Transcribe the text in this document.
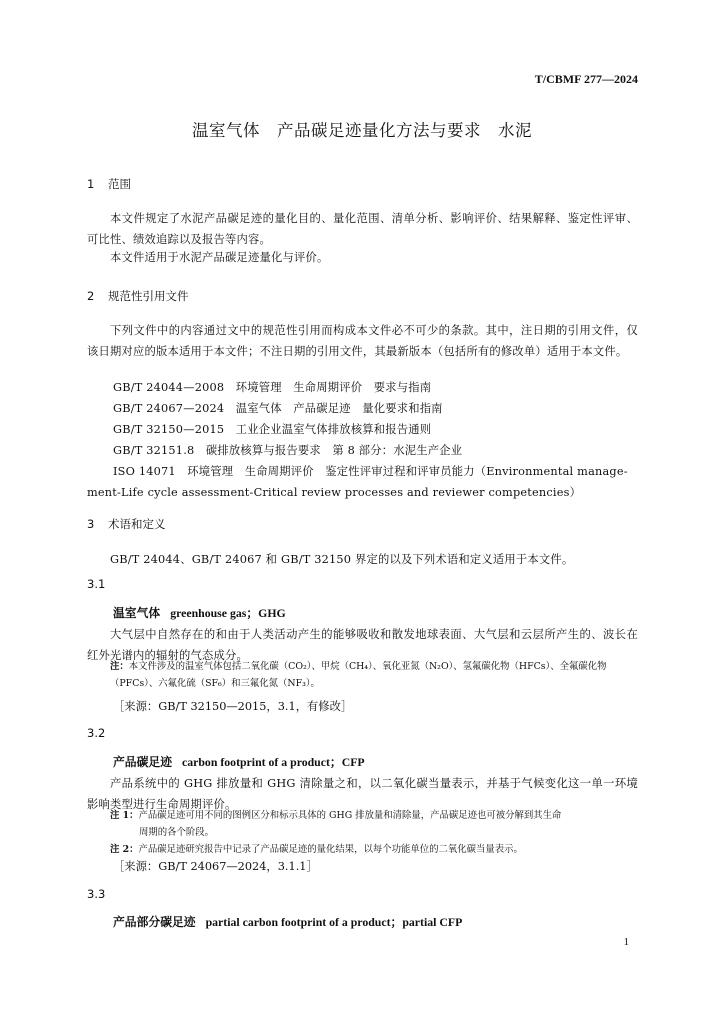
T/CBMF 277—2024
温室气体　产品碳足迹量化方法与要求　水泥
1 范围
本文件规定了水泥产品碳足迹的量化目的、量化范围、清单分析、影响评价、结果解释、鉴定性评审、可比性、绩效追踪以及报告等内容。
本文件适用于水泥产品碳足迹量化与评价。
2 规范性引用文件
下列文件中的内容通过文中的规范性引用而构成本文件必不可少的条款。其中，注日期的引用文件，仅该日期对应的版本适用于本文件；不注日期的引用文件，其最新版本（包括所有的修改单）适用于本文件。
GB/T 24044—2008　环境管理　生命周期评价　要求与指南
GB/T 24067—2024　温室气体　产品碳足迹　量化要求和指南
GB/T 32150—2015　工业企业温室气体排放核算和报告通则
GB/T 32151.8　碳排放核算与报告要求　第 8 部分：水泥生产企业
ISO 14071　环境管理　生命周期评价　鉴定性评审过程和评审员能力（Environmental manage-
ment-Life cycle assessment-Critical review processes and reviewer competencies）
3 术语和定义
GB/T 24044、GB/T 24067 和 GB/T 32150 界定的以及下列术语和定义适用于本文件。
3.1
温室气体 greenhouse gas；GHG
大气层中自然存在的和由于人类活动产生的能够吸收和散发地球表面、大气层和云层所产生的、波长在红外光谱内的辐射的气态成分。
注：本文件涉及的温室气体包括二氧化碳（CO₂）、甲烷（CH₄）、氧化亚氮（N₂O）、氢氟碳化物（HFCs）、全氟碳化物（PFCs）、六氟化硫（SF₆）和三氟化氮（NF₃）。
［来源：GB/T 32150—2015，3.1，有修改］
3.2
产品碳足迹 carbon footprint of a product；CFP
产品系统中的 GHG 排放量和 GHG 清除量之和，以二氧化碳当量表示，并基于气候变化这一单一环境影响类型进行生命周期评价。
注 1：产品碳足迹可用不同的图例区分和标示具体的 GHG 排放量和清除量，产品碳足迹也可被分解到其生命
周期的各个阶段。
注 2：产品碳足迹研究报告中记录了产品碳足迹的量化结果，以每个功能单位的二氧化碳当量表示。
［来源：GB/T 24067—2024，3.1.1］
3.3
产品部分碳足迹 partial carbon footprint of a product；partial CFP
1
